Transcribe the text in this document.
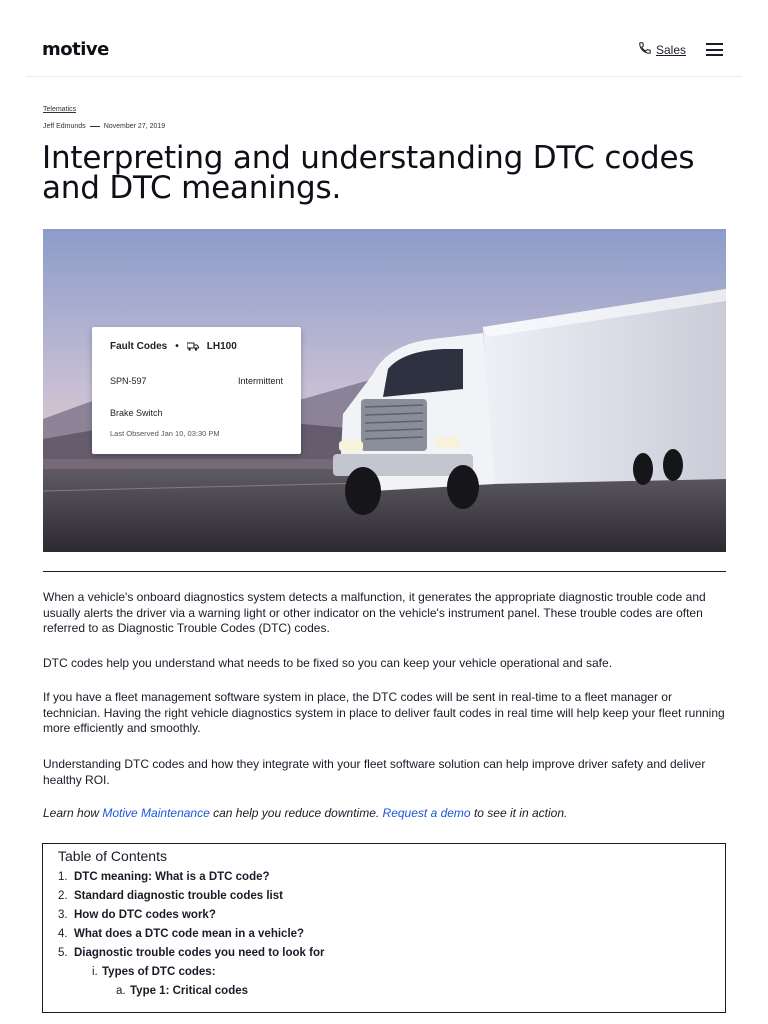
motive	Sales
Telematics
Jeff Edmunds	November 27, 2019
Interpreting and understanding DTC codes and DTC meanings.
Fault Codes •	LH100
SPN-597	Intermittent
Brake Switch
Last Observed Jan 10, 03:30 PM

When a vehicle's onboard diagnostics system detects a malfunction, it generates the appropriate diagnostic trouble code and usually alerts the driver via a warning light or other indicator on the vehicle's instrument panel. These trouble codes are often referred to as Diagnostic Trouble Codes (DTC) codes.

DTC codes help you understand what needs to be fixed so you can keep your vehicle operational and safe.

If you have a fleet management software system in place, the DTC codes will be sent in real-time to a fleet manager or technician. Having the right vehicle diagnostics system in place to deliver fault codes in real time will help keep your fleet running more efficiently and smoothly.

Understanding DTC codes and how they integrate with your fleet software solution can help improve driver safety and deliver healthy ROI.

Learn how Motive Maintenance can help you reduce downtime. Request a demo to see it in action.

Table of Contents
1. DTC meaning: What is a DTC code?
2. Standard diagnostic trouble codes list
3. How do DTC codes work?
4. What does a DTC code mean in a vehicle?
5. Diagnostic trouble codes you need to look for
i. Types of DTC codes:
a. Type 1: Critical codes
